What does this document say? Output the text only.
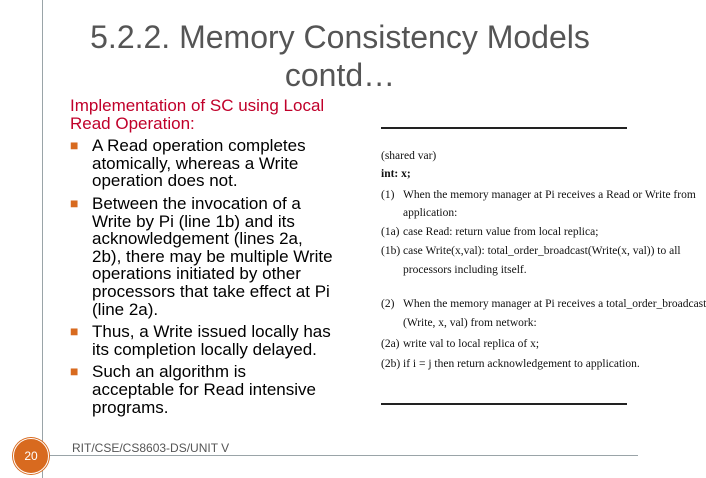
5.2.2. Memory Consistency Models
contd…
Implementation of SC using Local
Read Operation:
■ A Read operation completes
atomically, whereas a Write
operation does not.
■ Between the invocation of a
Write by Pi (line 1b) and its
acknowledgement (lines 2a,
2b), there may be multiple Write
operations initiated by other
processors that take effect at Pi
(line 2a).
■ Thus, a Write issued locally has
its completion locally delayed.
■ Such an algorithm is
acceptable for Read intensive
programs.
(shared var)
int: x;
(1) When the memory manager at Pi receives a Read or Write from
application:
(1a) case Read: return value from local replica;
(1b) case Write(x,val): total_order_broadcast(Write(x, val)) to all
processors including itself.
(2) When the memory manager at Pi receives a total_order_broadcast
(Write, x, val) from network:
(2a) write val to local replica of x;
(2b) if i = j then return acknowledgement to application.
20
RIT/CSE/CS8603-DS/UNIT V
